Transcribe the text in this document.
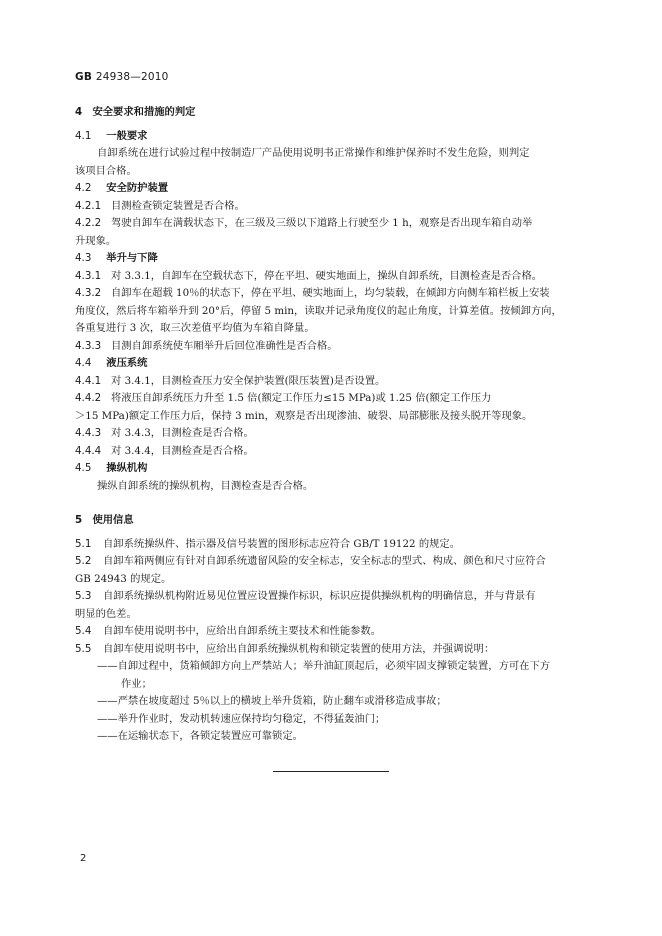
GB 24938—2010
4　安全要求和措施的判定
4.1 一般要求
自卸系统在进行试验过程中按制造厂产品使用说明书正常操作和维护保养时不发生危险，则判定
该项目合格。
4.2 安全防护装置
4.2.1 目测检查锁定装置是否合格。
4.2.2 驾驶自卸车在满载状态下，在三级及三级以下道路上行驶至少 1 h，观察是否出现车箱自动举
升现象。
4.3 举升与下降
4.3.1 对 3.3.1，自卸车在空载状态下，停在平坦、硬实地面上，操纵自卸系统，目测检查是否合格。
4.3.2 自卸车在超载 10％的状态下，停在平坦、硬实地面上，均匀装载，在倾卸方向侧车箱栏板上安装
角度仪，然后将车箱举升到 20°后，停留 5 min，读取并记录角度仪的起止角度，计算差值。按倾卸方向，
各重复进行 3 次，取三次差值平均值为车箱自降量。
4.3.3 目测自卸系统使车厢举升后回位准确性是否合格。
4.4 液压系统
4.4.1 对 3.4.1，目测检查压力安全保护装置(限压装置)是否设置。
4.4.2 将液压自卸系统压力升至 1.5 倍(额定工作压力≤15 MPa)或 1.25 倍(额定工作压力
＞15 MPa)额定工作压力后，保持 3 min，观察是否出现渗油、破裂、局部膨胀及接头脱开等现象。
4.4.3 对 3.4.3，目测检查是否合格。
4.4.4 对 3.4.4，目测检查是否合格。
4.5 操纵机构
操纵自卸系统的操纵机构，目测检查是否合格。
5　使用信息
5.1 自卸系统操纵件、指示器及信号装置的图形标志应符合 GB/T 19122 的规定。
5.2 自卸车箱两侧应有针对自卸系统遗留风险的安全标志，安全标志的型式、构成、颜色和尺寸应符合
GB 24943 的规定。
5.3 自卸系统操纵机构附近易见位置应设置操作标识，标识应提供操纵机构的明确信息，并与背景有
明显的色差。
5.4 自卸车使用说明书中，应给出自卸系统主要技术和性能参数。
5.5 自卸车使用说明书中，应给出自卸系统操纵机构和锁定装置的使用方法，并强调说明：
——自卸过程中，货箱倾卸方向上严禁站人；举升油缸顶起后，必须牢固支撑锁定装置，方可在下方
作业；
——严禁在坡度超过 5％以上的横坡上举升货箱，防止翻车或滑移造成事故；
——举升作业时，发动机转速应保持均匀稳定，不得猛轰油门；
——在运输状态下，各锁定装置应可靠锁定。
2
